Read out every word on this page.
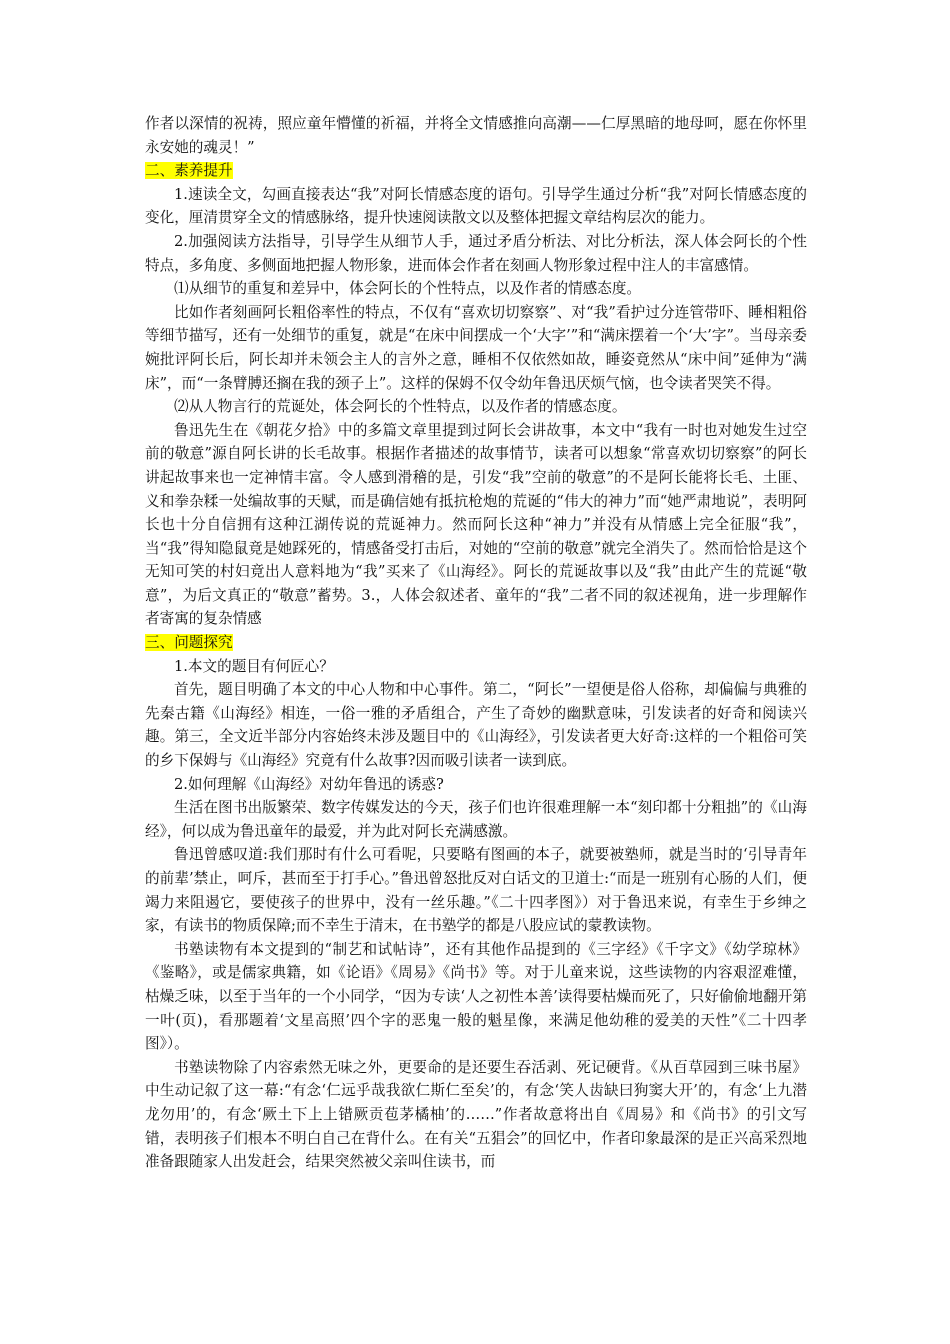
作者以深情的祝祷，照应童年懵懂的祈福，并将全文情感推向高潮——仁厚黑暗的地母呵，愿在你怀里永安她的魂灵！”

二、素养提升

1.速读全文，勾画直接表达“我”对阿长情感态度的语句。引导学生通过分析“我”对阿长情感态度的变化，厘清贯穿全文的情感脉络，提升快速阅读散文以及整体把握文章结构层次的能力。

2.加强阅读方法指导，引导学生从细节人手，通过矛盾分析法、对比分析法，深人体会阿长的个性特点，多角度、多侧面地把握人物形象，进而体会作者在刻画人物形象过程中注人的丰富感情。

⑴从细节的重复和差异中，体会阿长的个性特点，以及作者的情感态度。

比如作者刻画阿长粗俗率性的特点，不仅有“喜欢切切察察”、对“我”看护过分连管带吓、睡相粗俗等细节描写，还有一处细节的重复，就是“在床中间摆成一个‘大字’”和“满床摆着一个‘大’字”。当母亲委婉批评阿长后，阿长却并未领会主人的言外之意，睡相不仅依然如故，睡姿竟然从“床中间”延伸为“满床”，而“一条臂膊还搁在我的颈子上”。这样的保姆不仅令幼年鲁迅厌烦气恼，也令读者哭笑不得。

⑵从人物言行的荒诞处，体会阿长的个性特点，以及作者的情感态度。

鲁迅先生在《朝花夕拾》中的多篇文章里提到过阿长会讲故事，本文中“我有一时也对她发生过空前的敬意”源自阿长讲的长毛故事。根据作者描述的故事情节，读者可以想象“常喜欢切切察察”的阿长讲起故事来也一定神情丰富。令人感到滑稽的是，引发“我”空前的敬意”的不是阿长能将长毛、土匪、义和拳杂糅一处编故事的天赋，而是确信她有抵抗枪炮的荒诞的“伟大的神力”而“她严肃地说”，表明阿长也十分自信拥有这种江湖传说的荒诞神力。然而阿长这种“神力”并没有从情感上完全征服“我”，当“我”得知隐鼠竟是她踩死的，情感备受打击后，对她的“空前的敬意”就完全消失了。然而恰恰是这个无知可笑的村妇竟出人意料地为“我”买来了《山海经》。阿长的荒诞故事以及“我”由此产生的荒诞“敬意”，为后文真正的“敬意”蓄势。3.，人体会叙述者、童年的“我”二者不同的叙述视角，进一步理解作者寄寓的复杂情感

三、问题探究

1.本文的题目有何匠心？

首先，题目明确了本文的中心人物和中心事件。第二，“阿长”一望便是俗人俗称，却偏偏与典雅的先秦古籍《山海经》相连，一俗一雅的矛盾组合，产生了奇妙的幽默意味，引发读者的好奇和阅读兴趣。第三，全文近半部分内容始终未涉及题目中的《山海经》，引发读者更大好奇:这样的一个粗俗可笑的乡下保姆与《山海经》究竟有什么故事?因而吸引读者一读到底。

2.如何理解《山海经》对幼年鲁迅的诱惑?

生活在图书出版繁荣、数字传媒发达的今天，孩子们也许很难理解一本“刻印都十分粗拙”的《山海经》，何以成为鲁迅童年的最爱，并为此对阿长充满感激。

鲁迅曾感叹道:我们那时有什么可看呢，只要略有图画的本子，就要被塾师，就是当时的‘引导青年的前辈’禁止，呵斥，甚而至于打手心。”鲁迅曾怒批反对白话文的卫道士:“而是一班别有心肠的人们，便竭力来阻遏它，要使孩子的世界中，没有一丝乐趣。”《二十四孝图》）对于鲁迅来说，有幸生于乡绅之家，有读书的物质保障;而不幸生于清末，在书塾学的都是八股应试的蒙教读物。

书塾读物有本文提到的“制艺和试帖诗”，还有其他作品提到的《三字经》《千字文》《幼学琼林》《鉴略》，或是儒家典籍，如《论语》《周易》《尚书》等。对于儿童来说，这些读物的内容艰涩难懂，枯燥乏味，以至于当年的一个小同学，“因为专读‘人之初性本善’读得要枯燥而死了，只好偷偷地翻开第一叶(页)，看那题着‘文星高照’四个字的恶鬼一般的魁星像，来满足他幼稚的爱美的天性”《二十四孝图》）。

书塾读物除了内容索然无味之外，更要命的是还要生吞活剥、死记硬背。《从百草园到三味书屋》中生动记叙了这一幕:“有念‘仁远乎哉我欲仁斯仁至矣’的，有念‘笑人齿缺曰狗窦大开’的，有念‘上九潜龙勿用’的，有念‘厥土下上上错厥贡苞茅橘柚’的……”作者故意将出自《周易》和《尚书》的引文写错，表明孩子们根本不明白自己在背什么。在有关“五猖会”的回忆中，作者印象最深的是正兴高采烈地准备跟随家人出发赶会，结果突然被父亲叫住读书，而
